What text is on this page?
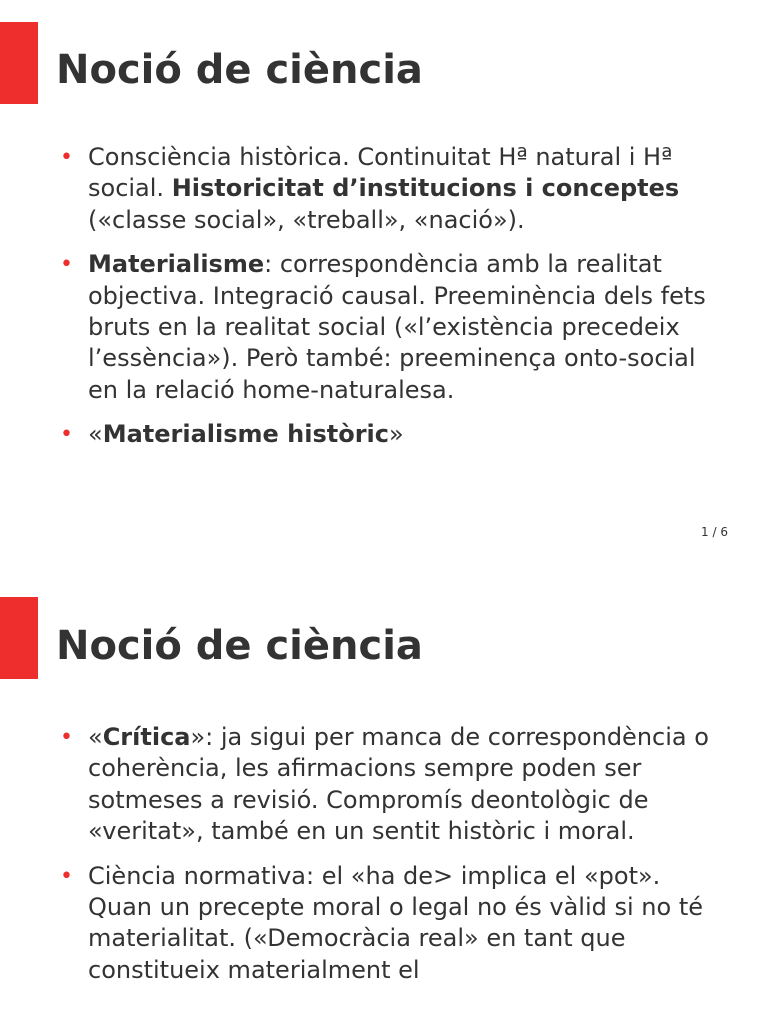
Noció de ciència
• Consciència històrica. Continuitat Hª natural i Hª social. Historicitat d’institucions i conceptes («classe social», «treball», «nació»).
• Materialisme: correspondència amb la realitat objectiva. Integració causal. Preeminència dels fets bruts en la realitat social («l’existència precedeix l’essència»). Però també: preeminença onto-social en la relació home-naturalesa.
• «Materialisme històric»
1 / 6
Noció de ciència
• «Crítica»: ja sigui per manca de correspondència o coherència, les afirmacions sempre poden ser sotmeses a revisió. Compromís deontològic de «veritat», també en un sentit històric i moral.
• Ciència normativa: el «ha de> implica el «pot». Quan un precepte moral o legal no és vàlid si no té materialitat. («Democràcia real» en tant que constitueix materialment el
